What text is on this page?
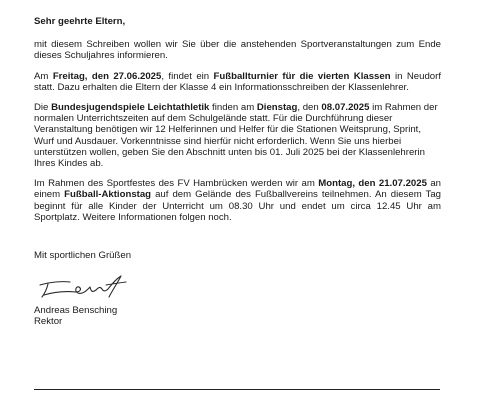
Sehr geehrte Eltern,

mit diesem Schreiben wollen wir Sie über die anstehenden Sportveranstaltungen zum Ende dieses Schuljahres informieren.

Am Freitag, den 27.06.2025, findet ein Fußballturnier für die vierten Klassen in Neudorf statt. Dazu erhalten die Eltern der Klasse 4 ein Informationsschreiben der Klassenlehrer.

Die Bundesjugendspiele Leichtathletik finden am Dienstag, den 08.07.2025 im Rahmen der normalen Unterrichtszeiten auf dem Schulgelände statt. Für die Durchführung dieser Veranstaltung benötigen wir 12 Helferinnen und Helfer für die Stationen Weitsprung, Sprint, Wurf und Ausdauer. Vorkenntnisse sind hierfür nicht erforderlich. Wenn Sie uns hierbei unterstützen wollen, geben Sie den Abschnitt unten bis 01. Juli 2025 bei der Klassenlehrerin Ihres Kindes ab.

Im Rahmen des Sportfestes des FV Hambrücken werden wir am Montag, den 21.07.2025 an einem Fußball-Aktionstag auf dem Gelände des Fußballvereins teilnehmen. An diesem Tag beginnt für alle Kinder der Unterricht um 08.30 Uhr und endet um circa 12.45 Uhr am Sportplatz. Weitere Informationen folgen noch.

Mit sportlichen Grüßen
Andreas Bensching
Rektor
